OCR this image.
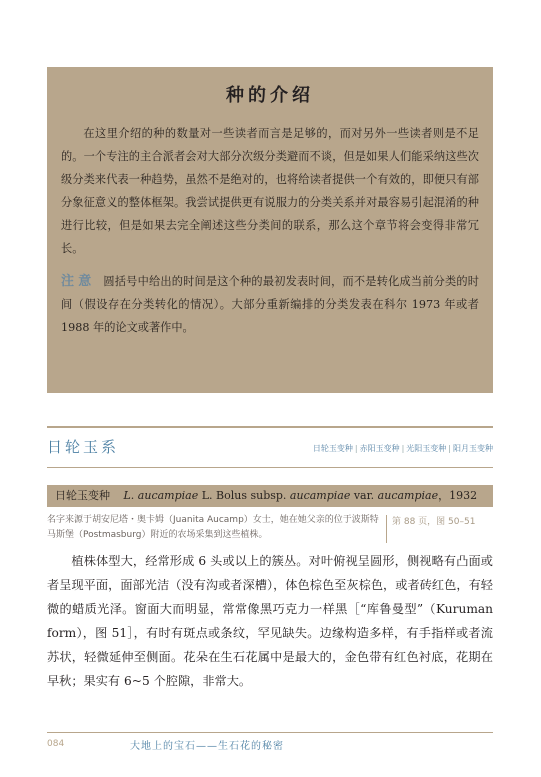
种的介绍

在这里介绍的种的数量对一些读者而言是足够的，而对另外一些读者则是不足的。一个专注的主合派者会对大部分次级分类避而不谈，但是如果人们能采纳这些次级分类来代表一种趋势，虽然不是绝对的，也将给读者提供一个有效的，即便只有部分象征意义的整体框架。我尝试提供更有说服力的分类关系并对最容易引起混淆的种进行比较，但是如果去完全阐述这些分类间的联系，那么这个章节将会变得非常冗长。

注意 圆括号中给出的时间是这个种的最初发表时间，而不是转化成当前分类的时间（假设存在分类转化的情况）。大部分重新编排的分类发表在科尔 1973 年或者 1988 年的论文或著作中。

日轮玉系	日轮玉变种 | 赤阳玉变种 | 光阳玉变种 | 阳月玉变种
日轮玉变种 L. aucampiae L. Bolus subsp. aucampiae var. aucampiae，1932
名字来源于胡安尼塔・奥卡姆（Juanita Aucamp）女士，她在她父亲的位于波斯特马斯堡（Postmasburg）附近的农场采集到这些植株。
第 88 页，图 50–51

植株体型大，经常形成 6 头或以上的簇丛。对叶俯视呈圆形，侧视略有凸面或者呈现平面，面部光洁（没有沟或者深槽），体色棕色至灰棕色，或者砖红色，有轻微的蜡质光泽。窗面大而明显，常常像黑巧克力一样黑［“库鲁曼型”（Kuruman form），图 51］，有时有斑点或条纹，罕见缺失。边缘构造多样，有手指样或者流苏状，轻微延伸至侧面。花朵在生石花属中是最大的，金色带有红色衬底，花期在早秋；果实有 6~5 个腔隙，非常大。

084	大地上的宝石——生石花的秘密
